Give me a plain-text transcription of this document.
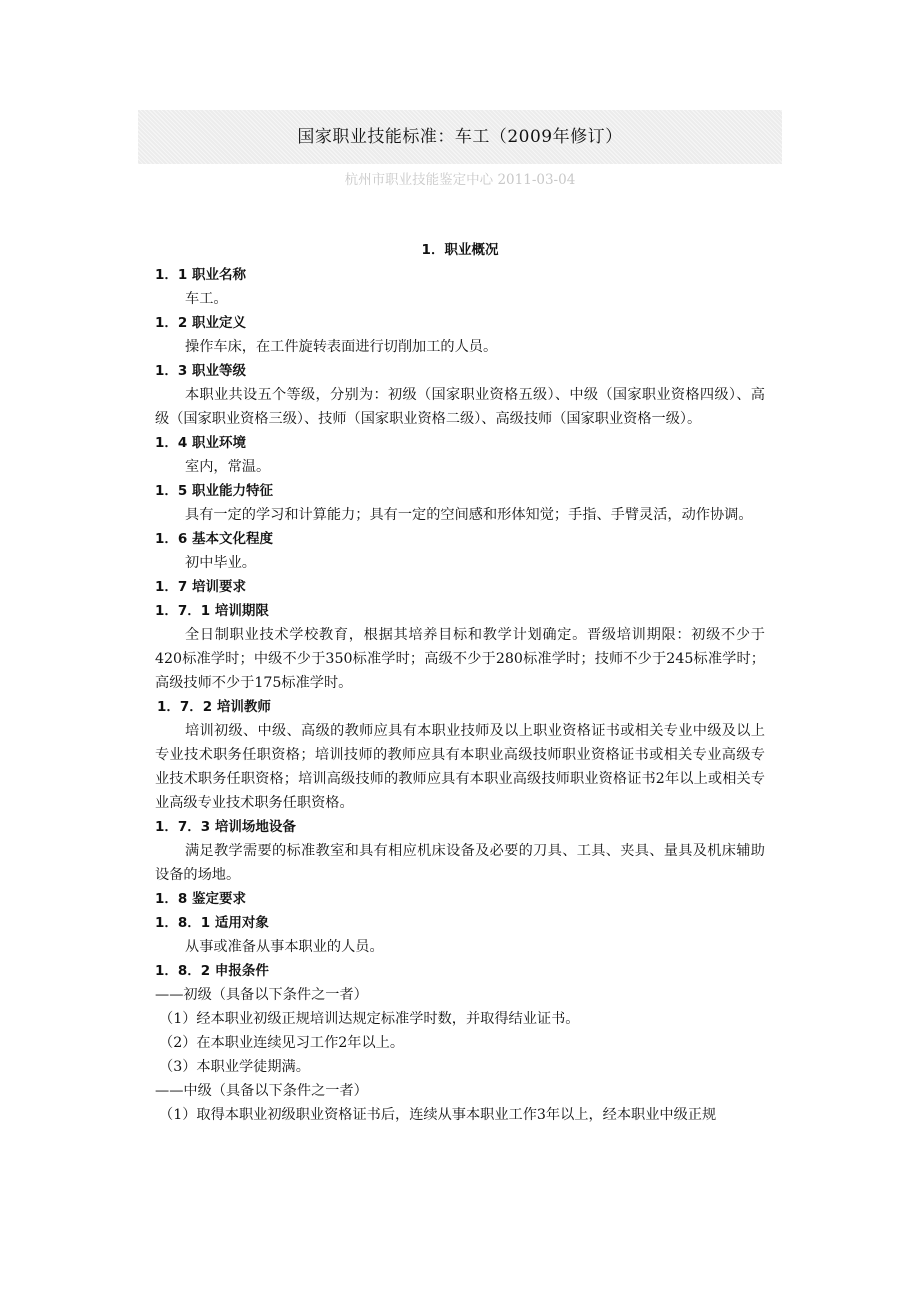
国家职业技能标准：车工（2009年修订）
杭州市职业技能鉴定中心 2011-03-04
1．职业概况
1．1 职业名称
车工。
1．2 职业定义
操作车床，在工件旋转表面进行切削加工的人员。
1．3 职业等级
本职业共设五个等级，分别为：初级（国家职业资格五级）、中级（国家职业资格四级）、高级（国家职业资格三级）、技师（国家职业资格二级）、高级技师（国家职业资格一级）。
1．4 职业环境
室内，常温。
1．5 职业能力特征
具有一定的学习和计算能力；具有一定的空间感和形体知觉；手指、手臂灵活，动作协调。
1．6 基本文化程度
初中毕业。
1．7 培训要求
1．7．1 培训期限
全日制职业技术学校教育，根据其培养目标和教学计划确定。晋级培训期限：初级不少于420标准学时；中级不少于350标准学时；高级不少于280标准学时；技师不少于245标准学时；高级技师不少于175标准学时。
1．7．2 培训教师
培训初级、中级、高级的教师应具有本职业技师及以上职业资格证书或相关专业中级及以上专业技术职务任职资格；培训技师的教师应具有本职业高级技师职业资格证书或相关专业高级专业技术职务任职资格；培训高级技师的教师应具有本职业高级技师职业资格证书2年以上或相关专业高级专业技术职务任职资格。
1．7．3 培训场地设备
满足教学需要的标准教室和具有相应机床设备及必要的刀具、工具、夹具、量具及机床辅助设备的场地。
1．8 鉴定要求
1．8．1 适用对象
从事或准备从事本职业的人员。
1．8．2 申报条件
——初级（具备以下条件之一者）
（1）经本职业初级正规培训达规定标准学时数，并取得结业证书。
（2）在本职业连续见习工作2年以上。
（3）本职业学徒期满。
——中级（具备以下条件之一者）
（1）取得本职业初级职业资格证书后，连续从事本职业工作3年以上，经本职业中级正规
